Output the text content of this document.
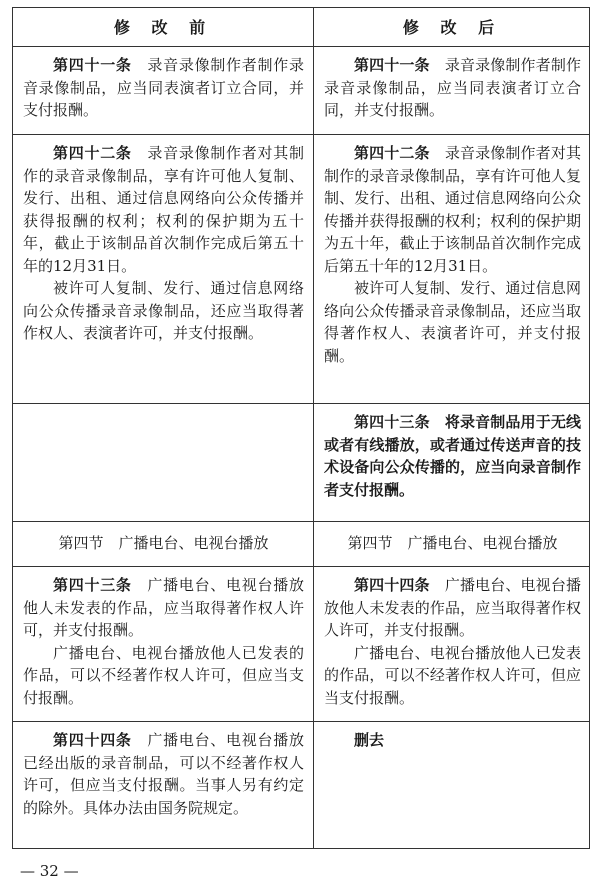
修 改 前	修 改 后

第四十一条　 录音录像制作者制作录音录像制品，应当同表演者订立合同，并支付报酬。

第四十一条　 录音录像制作者制作录音录像制品，应当同表演者订立合同，并支付报酬。

第四十二条　 录音录像制作者对其制作的录音录像制品，享有许可他人复制、发行、出租、通过信息网络向公众传播并获得报酬的权利；权利的保护期为五十年，截止于该制品首次制作完成后第五十年的12月31日。

被许可人复制、发行、通过信息网络向公众传播录音录像制品，还应当取得著作权人、表演者许可，并支付报酬。

第四十二条　 录音录像制作者对其制作的录音录像制品，享有许可他人复制、发行、出租、通过信息网络向公众传播并获得报酬的权利；权利的保护期为五十年，截止于该制品首次制作完成后第五十年的12月31日。

被许可人复制、发行、通过信息网络向公众传播录音录像制品，还应当取得著作权人、表演者许可，并支付报酬。

第四十三条　将录音制品用于无线或者有线播放，或者通过传送声音的技术设备向公众传播的，应当向录音制作者支付报酬。

第四节　广播电台、电视台播放	第四节　广播电台、电视台播放

第四十三条　 广播电台、电视台播放他人未发表的作品，应当取得著作权人许可，并支付报酬。

广播电台、电视台播放他人已发表的作品，可以不经著作权人许可，但应当支付报酬。

第四十四条　 广播电台、电视台播放他人未发表的作品，应当取得著作权人许可，并支付报酬。

广播电台、电视台播放他人已发表的作品，可以不经著作权人许可，但应当支付报酬。

第四十四条　 广播电台、电视台播放已经出版的录音制品，可以不经著作权人许可，但应当支付报酬。当事人另有约定的除外。具体办法由国务院规定。

删去

— 32 —
